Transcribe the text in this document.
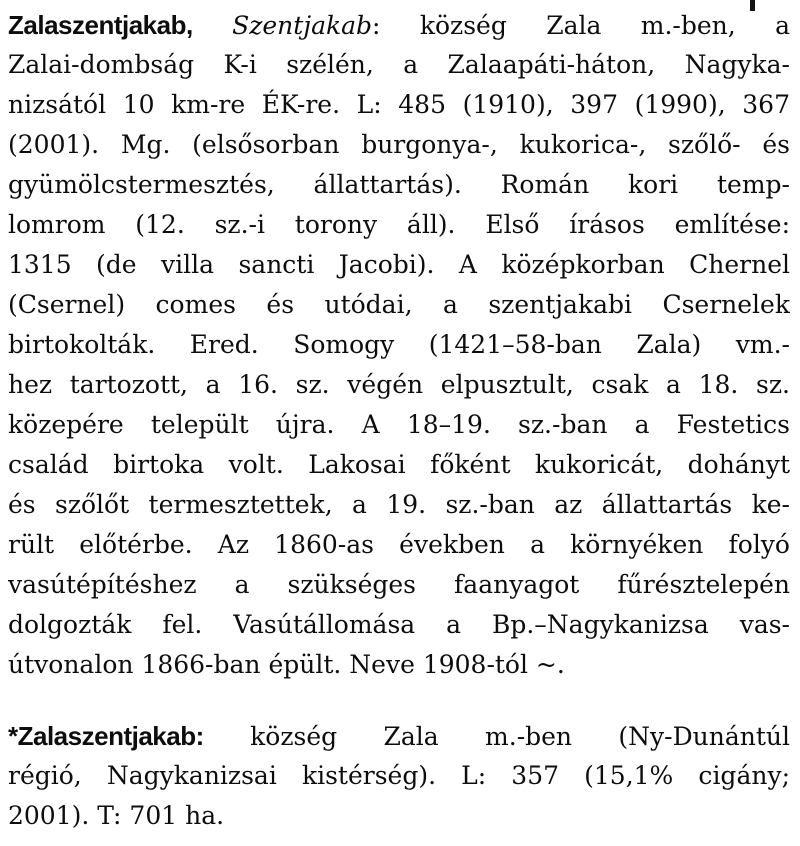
Zalaszentjakab, Szentjakab: község Zala m.-ben, a
Zalai-dombság K-i szélén, a Zalaapáti-háton, Nagyka-
nizsától 10 km-re ÉK-re. L: 485 (1910), 397 (1990), 367
(2001). Mg. (elsősorban burgonya-, kukorica-, szőlő- és
gyümölcstermesztés, állattartás). Román kori temp-
lomrom (12. sz.-i torony áll). Első írásos említése:
1315 (de villa sancti Jacobi). A középkorban Chernel
(Csernel) comes és utódai, a szentjakabi Csernelek
birtokolták. Ered. Somogy (1421–58-ban Zala) vm.-
hez tartozott, a 16. sz. végén elpusztult, csak a 18. sz.
közepére települt újra. A 18–19. sz.-ban a Festetics
család birtoka volt. Lakosai főként kukoricát, dohányt
és szőlőt termesztettek, a 19. sz.-ban az állattartás ke-
rült előtérbe. Az 1860-as években a környéken folyó
vasútépítéshez a szükséges faanyagot fűrésztelepén
dolgozták fel. Vasútállomása a Bp.–Nagykanizsa vas-
útvonalon 1866-ban épült. Neve 1908-tól ~.
*Zalaszentjakab: község Zala m.-ben (Ny-Dunántúl
régió, Nagykanizsai kistérség). L: 357 (15,1% cigány;
2001). T: 701 ha.
